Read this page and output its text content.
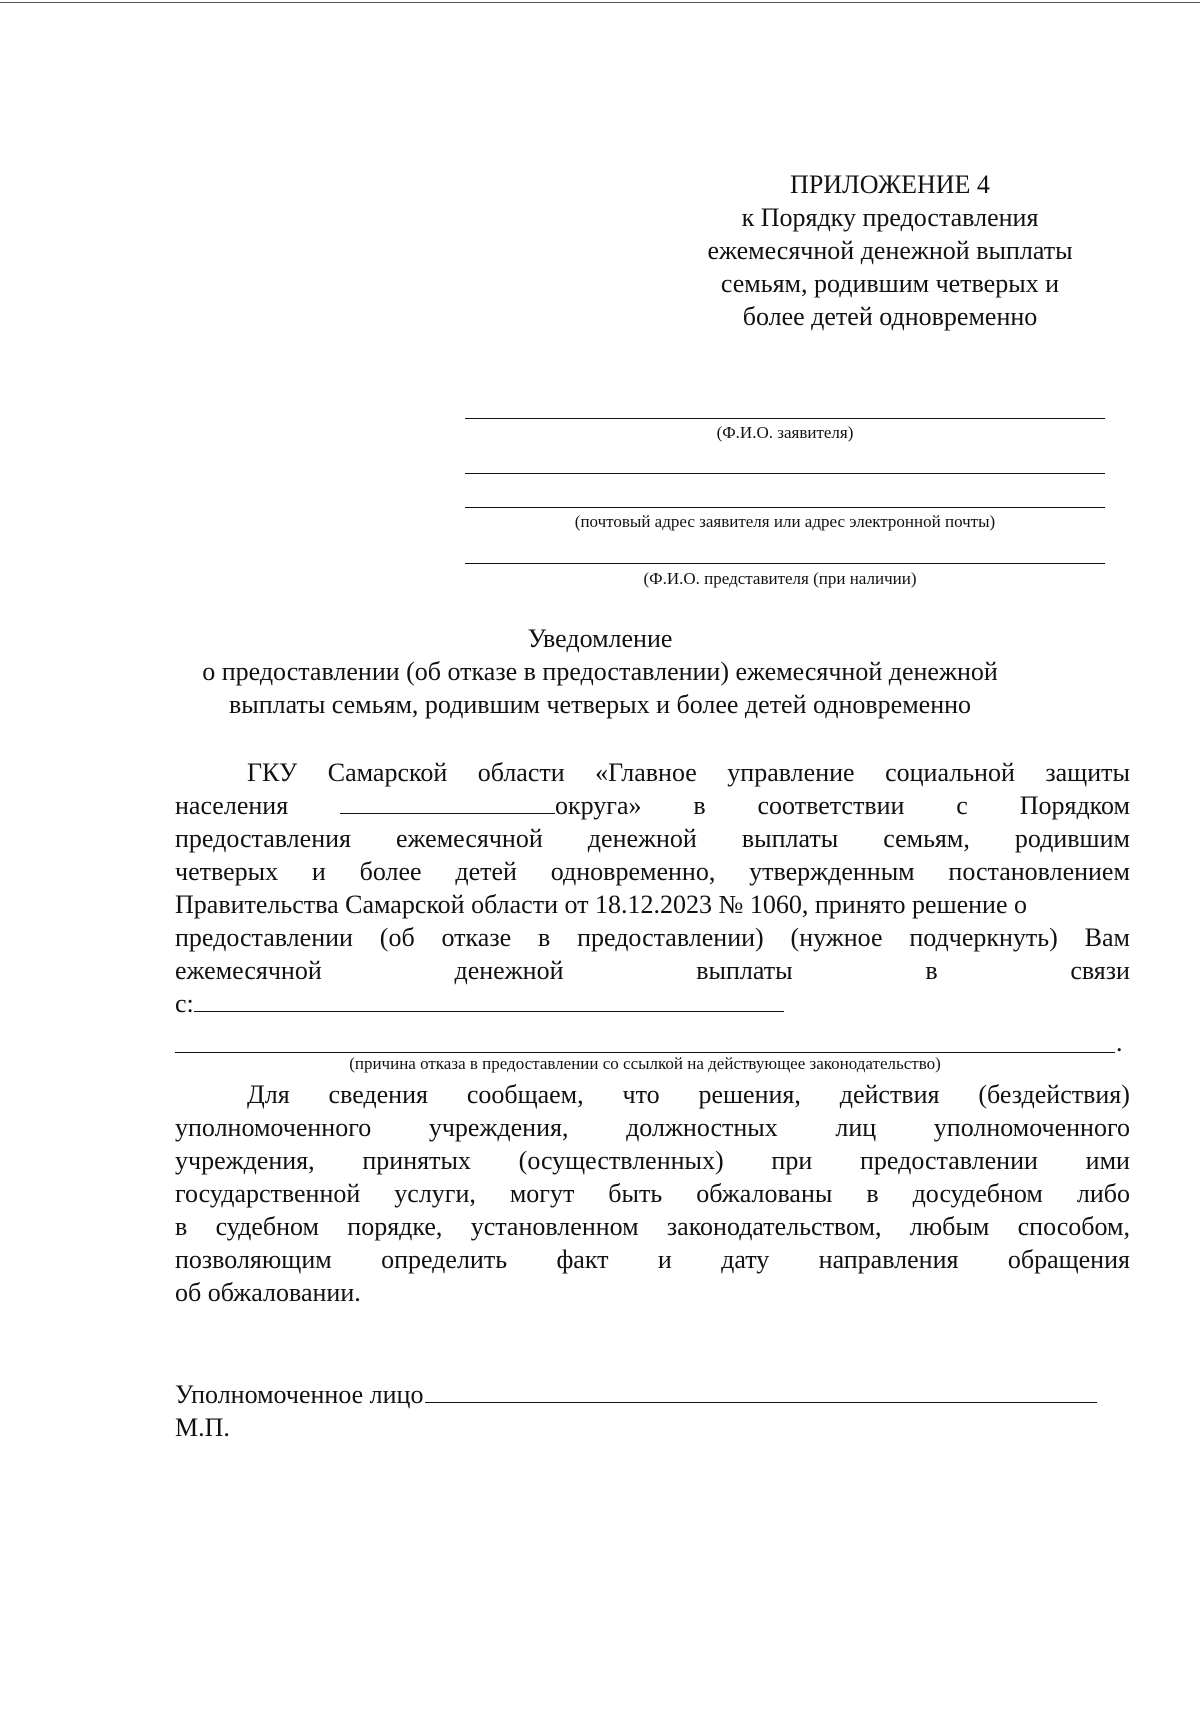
ПРИЛОЖЕНИЕ 4
к Порядку предоставления
ежемесячной денежной выплаты
семьям, родившим четверых и
более детей одновременно
(Ф.И.О. заявителя)
(почтовый адрес заявителя или адрес электронной почты)
(Ф.И.О. представителя (при наличии)
Уведомление
о предоставлении (об отказе в предоставлении) ежемесячной денежной
выплаты семьям, родившим четверых и более детей одновременно
ГКУ Самарской области «Главное управление социальной защиты
населения	округа» в соответствии с Порядком
предоставления ежемесячной денежной выплаты семьям, родившим
четверых и более детей одновременно, утвержденным постановлением
Правительства Самарской области от 18.12.2023 № 1060, принято решение о
предоставлении (об отказе в предоставлении) (нужное подчеркнуть) Вам
ежемесячной	денежной	выплаты	в	связи
с:
.
(причина отказа в предоставлении со ссылкой на действующее законодательство)
Для сведения сообщаем, что решения, действия (бездействия)
уполномоченного учреждения, должностных лиц уполномоченного
учреждения, принятых (осуществленных) при предоставлении ими
государственной услуги, могут быть обжалованы в досудебном либо
в судебном порядке, установленном законодательством, любым способом,
позволяющим определить факт и дату направления обращения
об обжаловании.
Уполномоченное лицо
М.П.
